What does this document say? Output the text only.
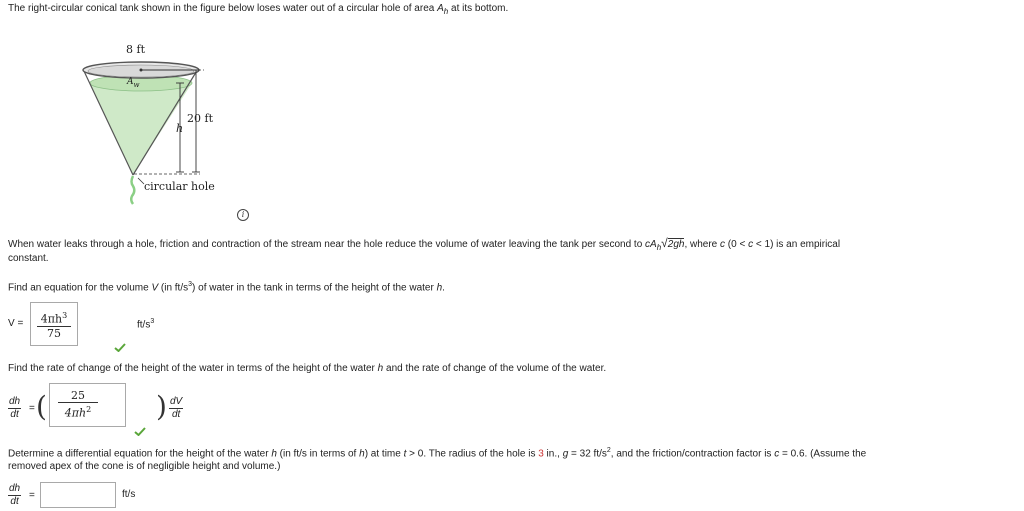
The right-circular conical tank shown in the figure below loses water out of a circular hole of area $A_h$ at its bottom.
8 ft
$A_w$
20 ft
h
circular hole
i
When water leaks through a hole, friction and contraction of the stream near the hole reduce the volume of water leaving the tank per second to $cA_h√2gh$, where c (0 < c < 1) is an empirical
constant.
Find an equation for the volume V (in $ft/s^3$) of water in the tank in terms of the height of the water h.
$V = \frac{4\pi h^3}{75}$	$ft/s^3$
Find the rate of change of the height of the water in terms of the height of the water h and the rate of change of the volume of the water.
$\frac{dh}{dt}$ = ( $\frac{25}{4\pi h^2}$ ) $\frac{dV}{dt}$
Determine a differential equation for the height of the water h (in ft/s in terms of h) at time t > 0. The radius of the hole is 3 in., g = 32 $ft/s^2$, and the friction/contraction factor is c = 0.6. (Assume the
removed apex of the cone is of negligible height and volume.)
$\frac{dh}{dt}$ =	ft/s
